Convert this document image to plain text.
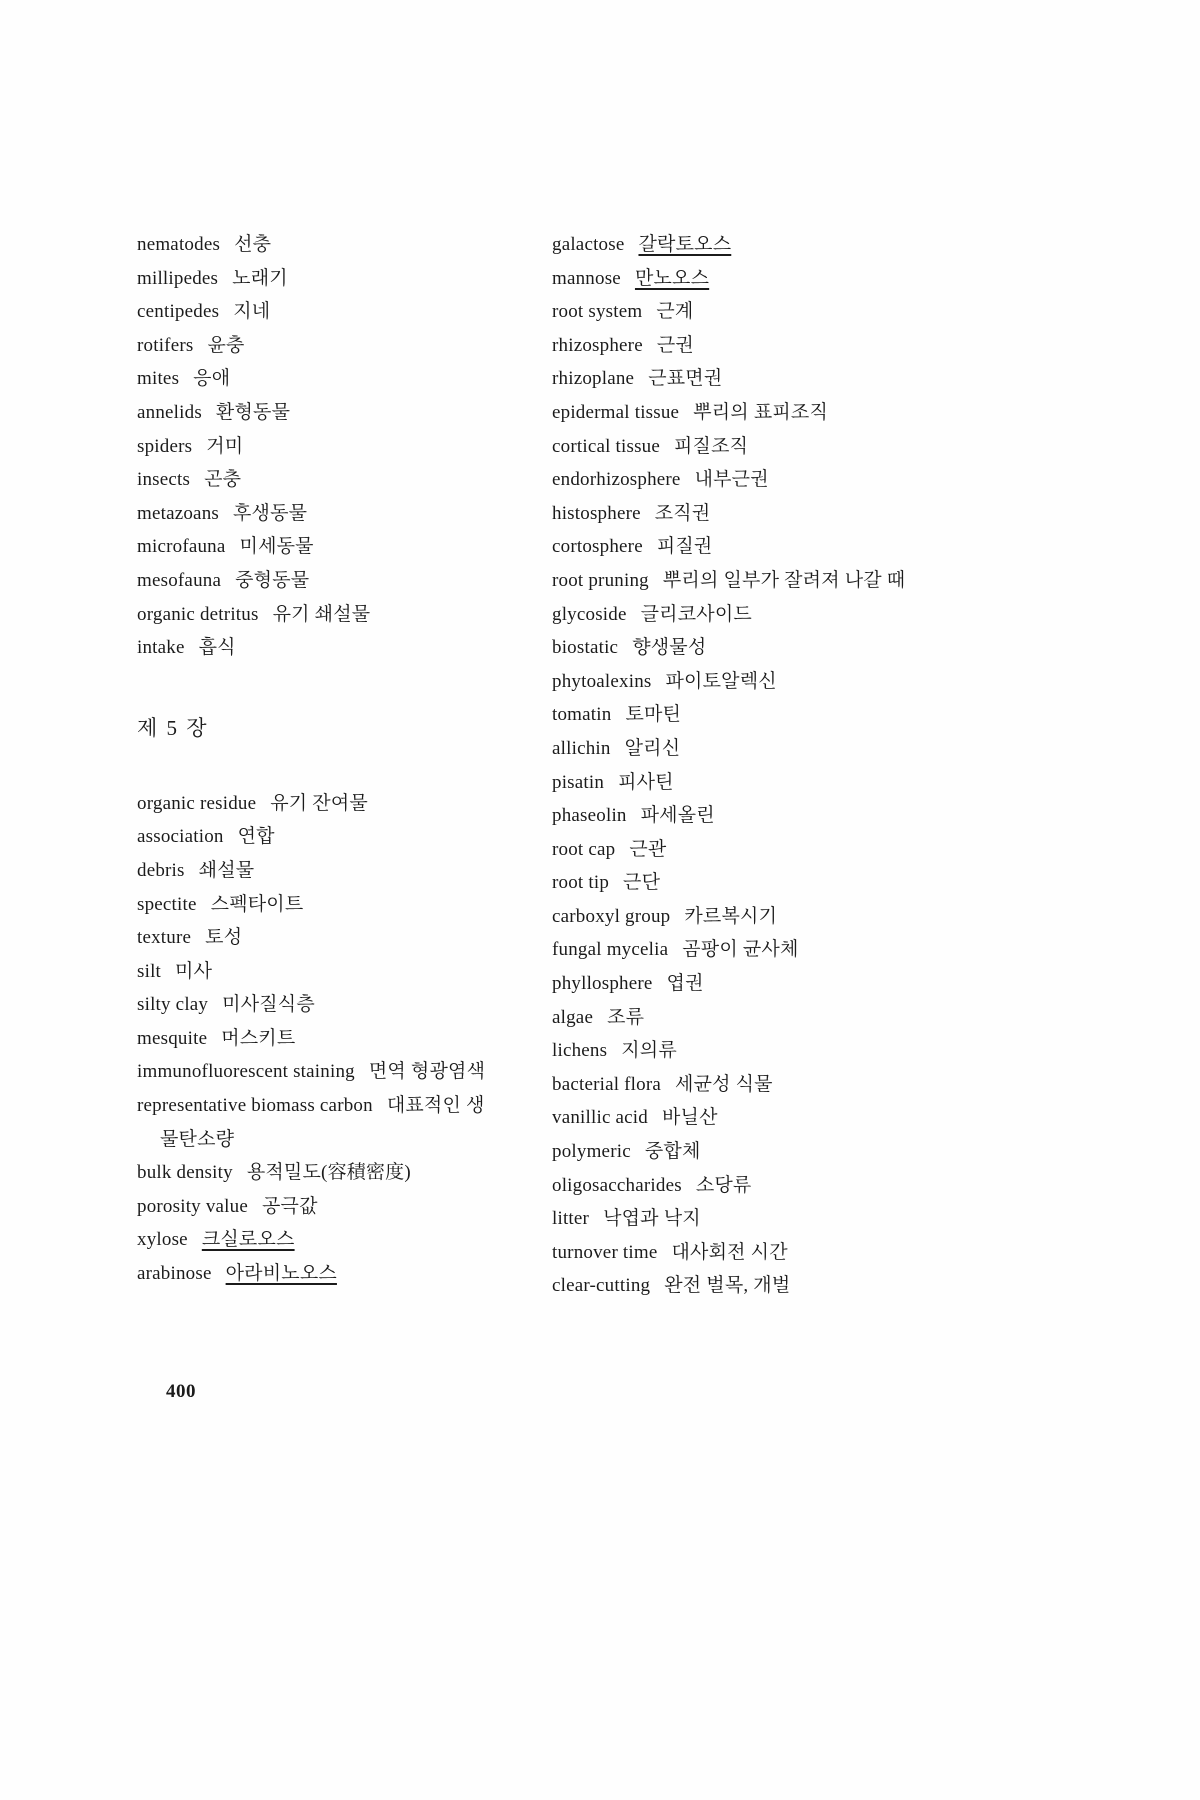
nematodes 선충

millipedes 노래기

centipedes 지네

rotifers 윤충

mites 응애

annelids 환형동물

spiders 거미

insects 곤충

metazoans 후생동물

microfauna 미세동물

mesofauna 중형동물

organic detritus 유기 쇄설물

intake 흡식

제 5 장

organic residue 유기 잔여물

association 연합

debris 쇄설물

spectite 스펙타이트

texture 토성

silt 미사

silty clay 미사질식층

mesquite 머스키트

immunofluorescent staining 면역 형광염색

representative biomass carbon 대표적인 생물탄소량

bulk density 용적밀도(容積密度)

porosity value 공극값

xylose 크실로오스

arabinose 아라비노오스

galactose 갈락토오스

mannose 만노오스

root system 근계

rhizosphere 근권

rhizoplane 근표면권

epidermal tissue 뿌리의 표피조직

cortical tissue 피질조직

endorhizosphere 내부근권

histosphere 조직권

cortosphere 피질권

root pruning 뿌리의 일부가 잘려져 나갈 때

glycoside 글리코사이드

biostatic 향생물성

phytoalexins 파이토알렉신

tomatin 토마틴

allichin 알리신

pisatin 피사틴

phaseolin 파세올린

root cap 근관

root tip 근단

carboxyl group 카르복시기

fungal mycelia 곰팡이 균사체

phyllosphere 엽권

algae 조류

lichens 지의류

bacterial flora 세균성 식물

vanillic acid 바닐산

polymeric 중합체

oligosaccharides 소당류

litter 낙엽과 낙지

turnover time 대사회전 시간

clear-cutting 완전 벌목, 개벌

400
